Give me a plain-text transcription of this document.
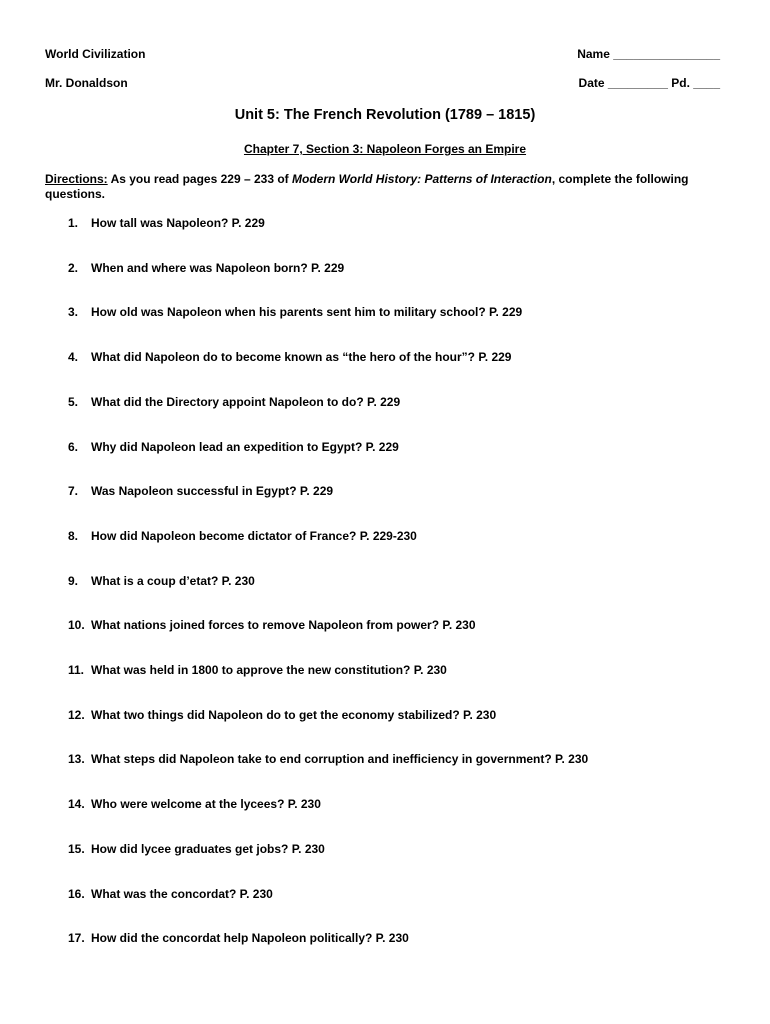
World Civilization
Mr. Donaldson
Name ________________
Date _________ Pd. ____
Unit 5: The French Revolution (1789 – 1815)
Chapter 7, Section 3: Napoleon Forges an Empire
Directions: As you read pages 229 – 233 of Modern World History: Patterns of Interaction, complete the following questions.
1. How tall was Napoleon? P. 229
2. When and where was Napoleon born? P. 229
3. How old was Napoleon when his parents sent him to military school? P. 229
4. What did Napoleon do to become known as “the hero of the hour”? P. 229
5. What did the Directory appoint Napoleon to do? P. 229
6. Why did Napoleon lead an expedition to Egypt? P. 229
7. Was Napoleon successful in Egypt? P. 229
8. How did Napoleon become dictator of France? P. 229-230
9. What is a coup d’etat? P. 230
10. What nations joined forces to remove Napoleon from power? P. 230
11. What was held in 1800 to approve the new constitution? P. 230
12. What two things did Napoleon do to get the economy stabilized? P. 230
13. What steps did Napoleon take to end corruption and inefficiency in government? P. 230
14. Who were welcome at the lycees? P. 230
15. How did lycee graduates get jobs? P. 230
16. What was the concordat? P. 230
17. How did the concordat help Napoleon politically? P. 230
